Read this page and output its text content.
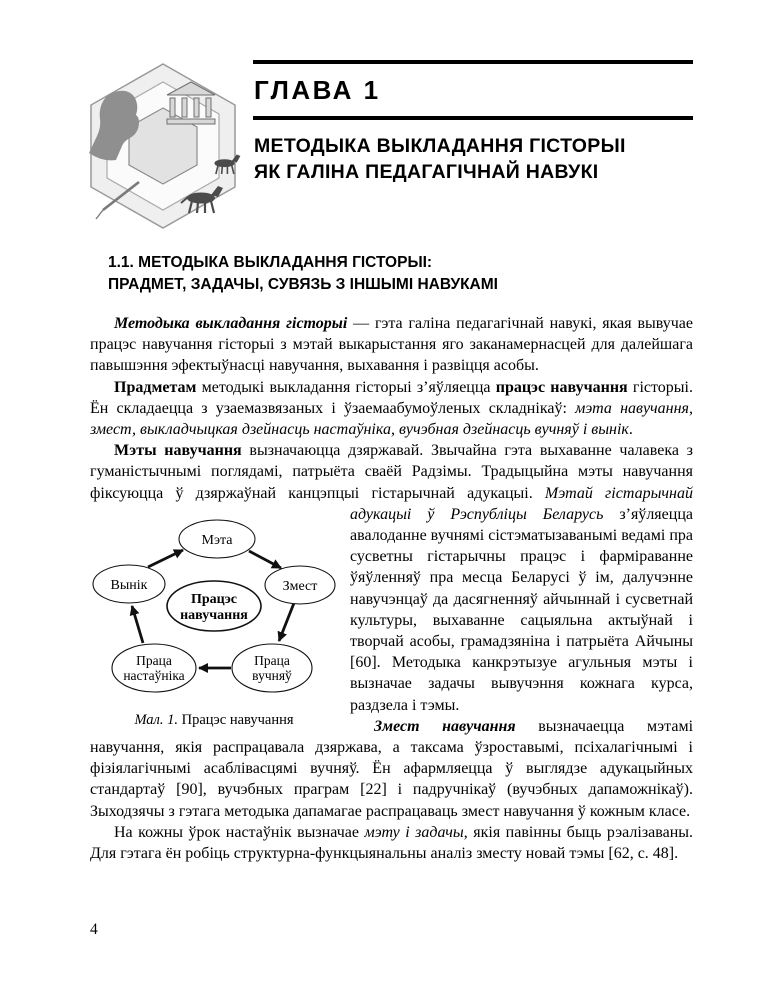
ГЛАВА 1
МЕТОДЫКА ВЫКЛАДАННЯ ГІСТОРЫІ
ЯК ГАЛІНА ПЕДАГАГІЧНАЙ НАВУКІ
1.1. МЕТОДЫКА ВЫКЛАДАННЯ ГІСТОРЫІ:
ПРАДМЕТ, ЗАДАЧЫ, СУВЯЗЬ З ІНШЫМІ НАВУКАМІ

Методыка выкладання гісторыі — гэта галіна педагагічнай навукі, якая вывучае працэс навучання гісторыі з мэтай выкарыстання яго заканамернасцей для далейшага павышэння эфектыўнасці навучання, выхавання і развіцця асобы.

Прадметам методыкі выкладання гісторыі з’яўляецца працэс навучання гісторыі. Ён складаецца з узаемазвязаных і ўзаемаабумоўленых складнікаў: мэта навучання, змест, выкладчыцкая дзейнасць настаўніка, вучэбная дзейнасць вучняў і вынік.

Мэты навучання вызначаюцца дзяржавай. Звычайна гэта выхаванне чалавека з гуманістычнымі поглядамі, патрыёта сваёй Радзімы. Традыцыйна мэты навучання фіксуюцца ў дзяржаўнай канцэпцыі гістарычнай адукацыі.
Мэта
Вынік	Змест
Працэс
навучання
Праца
настаўніка
Праца
вучняў
Мал. 1. Працэс навучання
Мэтай гістарычнай адукацыі ў Рэспубліцы Беларусь з’яўляецца авалоданне вучнямі сістэматызаванымі ведамі пра сусветны гістарычны працэс і фарміраванне ўяўленняў пра месца Беларусі ў ім, далучэнне навучэнцаў да дасягненняў айчыннай і сусветнай культуры, выхаванне сацыяльна актыўнай і творчай асобы, грамадзяніна і патрыёта Айчыны [60]. Методыка канкрэтызуе агульныя мэты і вызначае задачы вывучэння кожнага курса, раздзела і тэмы.

Змест навучання вызначаецца мэтамі навучання, якія распрацавала дзяржава, а таксама ўзроставымі, псіхалагічнымі і фізіялагічнымі асаблівасцямі вучняў. Ён афармляецца ў выглядзе адукацыйных стандартаў [90], вучэбных праграм [22] і падручнікаў (вучэбных дапаможнікаў). Зыходзячы з гэтага методыка дапамагае распрацаваць змест навучання ў кожным класе.

На кожны ўрок настаўнік вызначае мэту і задачы, якія павінны быць рэалізаваны. Для гэтага ён робіць структурна-функцыянальны аналіз зместу новай тэмы [62, с. 48].

4
